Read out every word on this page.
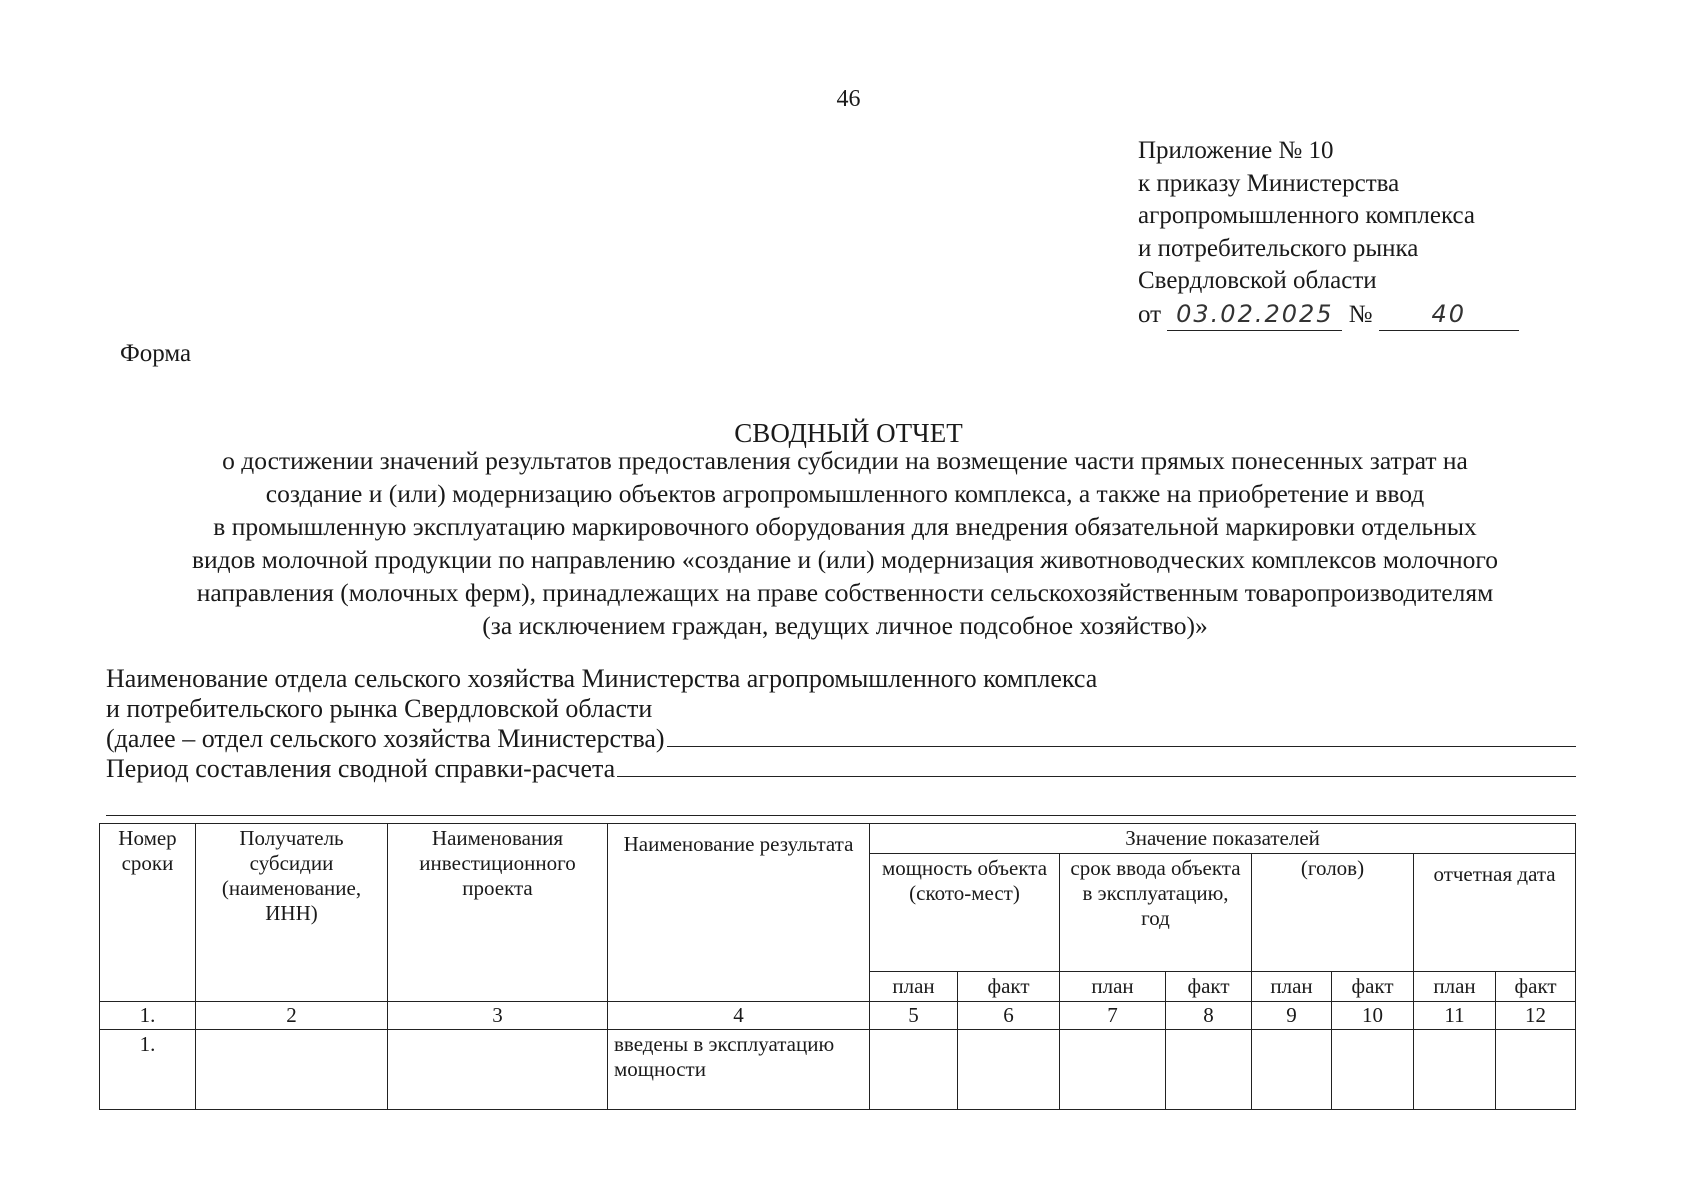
46
Приложение № 10
к приказу Министерства
агропромышленного комплекса
и потребительского рынка
Свердловской области
от 03.02.2025 № 40
Форма
СВОДНЫЙ ОТЧЕТ
о достижении значений результатов предоставления субсидии на возмещение части прямых понесенных затрат на
создание и (или) модернизацию объектов агропромышленного комплекса, а также на приобретение и ввод
в промышленную эксплуатацию маркировочного оборудования для внедрения обязательной маркировки отдельных
видов молочной продукции по направлению «создание и (или) модернизация животноводческих комплексов молочного
направления (молочных ферм), принадлежащих на праве собственности сельскохозяйственным товаропроизводителям
(за исключением граждан, ведущих личное подсобное хозяйство)»
Наименование отдела сельского хозяйства Министерства агропромышленного комплекса
и потребительского рынка Свердловской области
(далее – отдел сельского хозяйства Министерства)
Период составления сводной справки-расчета
Номер сроки	Получатель субсидии (наименование, ИНН)	Наименования инвестиционного проекта	Наименование результата	Значение показателей							
				мощность объекта (ското-мест)		срок ввода объекта в эксплуатацию, год		(голов)		отчетная дата	
				план	факт	план	факт	план	факт	план	факт
1.	2	3	4	5	6	7	8	9	10	11	12
1.			введены в эксплуатацию мощности								
